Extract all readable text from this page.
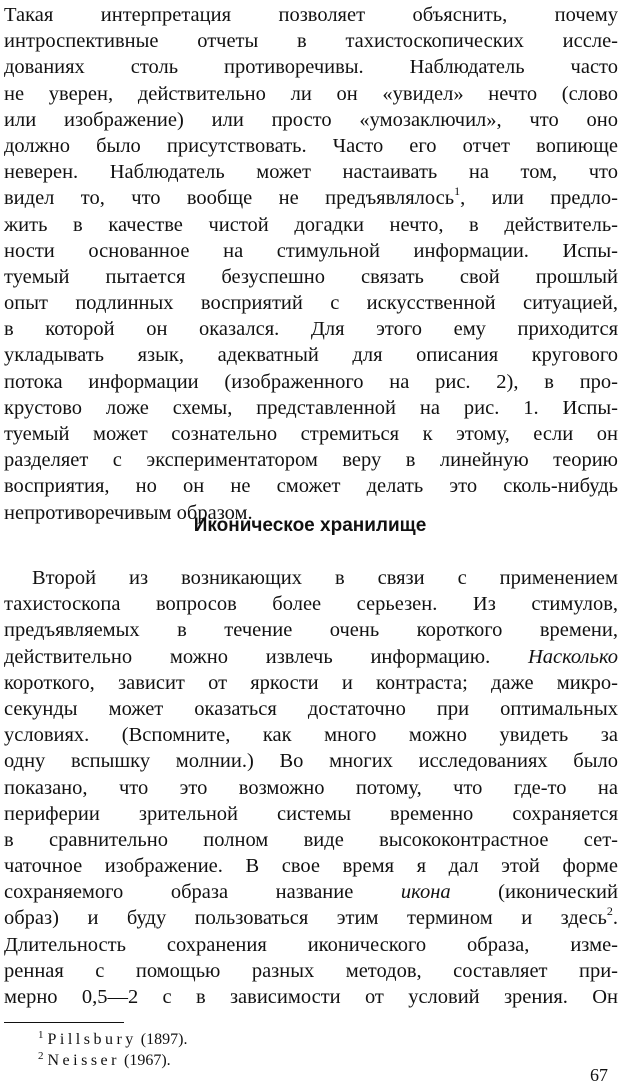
Такая интерпретация позволяет объяснить, почему
интроспективные отчеты в тахистоскопических иссле-
дованиях столь противоречивы. Наблюдатель часто
не уверен, действительно ли он «увидел» нечто (слово
или изображение) или просто «умозаключил», что оно
должно было присутствовать. Часто его отчет вопиюще
неверен. Наблюдатель может настаивать на том, что
видел то, что вообще не предъявлялось$^1$, или предло-
жить в качестве чистой догадки нечто, в действитель-
ности основанное на стимульной информации. Испы-
туемый пытается безуспешно связать свой прошлый
опыт подлинных восприятий с искусственной ситуацией,
в которой он оказался. Для этого ему приходится
укладывать язык, адекватный для описания кругового
потока информации (изображенного на рис. 2), в про-
крустово ложе схемы, представленной на рис. 1. Испы-
туемый может сознательно стремиться к этому, если он
разделяет с экспериментатором веру в линейную теорию
восприятия, но он не сможет делать это сколь-нибудь
непротиворечивым образом.
Иконическое хранилище
Второй из возникающих в связи с применением
тахистоскопа вопросов более серьезен. Из стимулов,
предъявляемых в течение очень короткого времени,
действительно можно извлечь информацию. Насколько
короткого, зависит от яркости и контраста; даже микро-
секунды может оказаться достаточно при оптимальных
условиях. (Вспомните, как много можно увидеть за
одну вспышку молнии.) Во многих исследованиях было
показано, что это возможно потому, что где-то на
периферии зрительной системы временно сохраняется
в сравнительно полном виде высококонтрастное сет-
чаточное изображение. В свое время я дал этой форме
сохраняемого образа название икона (иконический
образ) и буду пользоваться этим термином и здесь$^2$.
Длительность сохранения иконического образа, изме-
ренная с помощью разных методов, составляет при-
мерно 0,5—2 с в зависимости от условий зрения. Он
$^1$ Pillsbury (1897).
$^2$ Neisser (1967).
67
